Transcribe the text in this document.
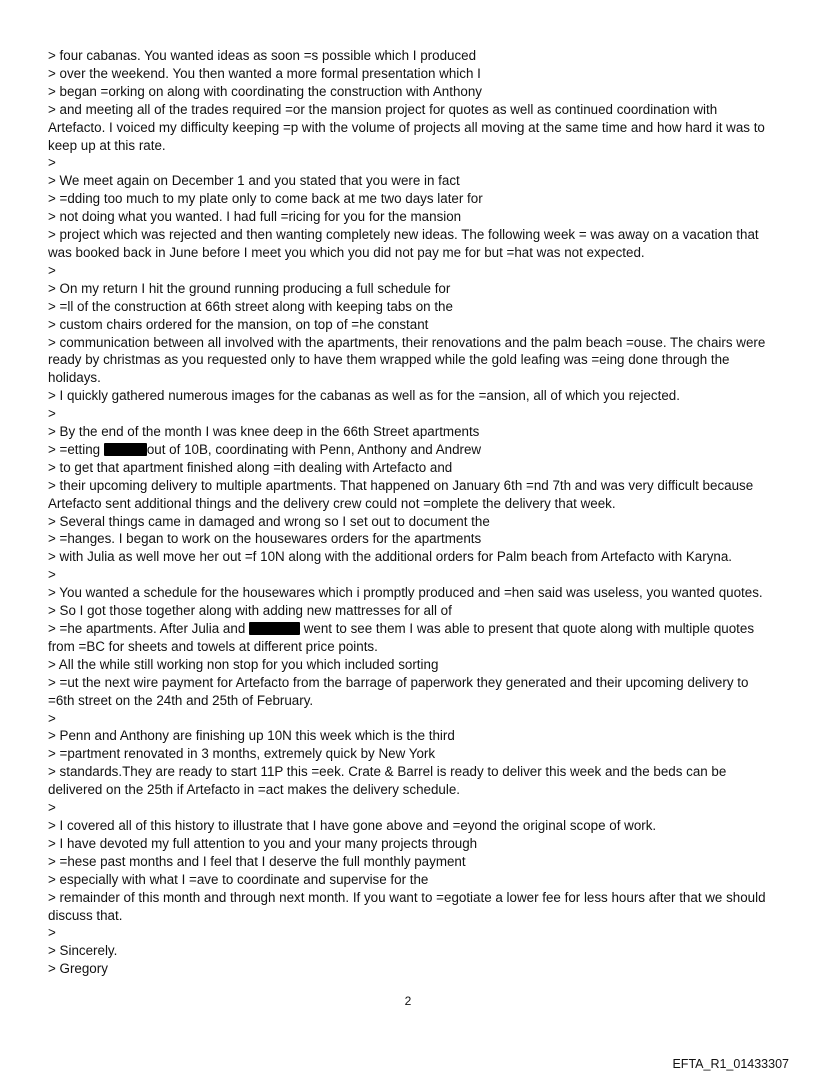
> four cabanas. You wanted ideas as soon =s possible which I produced

> over the weekend. You then wanted a more formal presentation which I

> began =orking on along with coordinating the construction with Anthony

> and meeting all of the trades required =or the mansion project for quotes as well as continued coordination with Artefacto. I voiced my difficulty keeping =p with the volume of projects all moving at the same time and how hard it was to keep up at this rate.

>

> We meet again on December 1 and you stated that you were in fact

> =dding too much to my plate only to come back at me two days later for

> not doing what you wanted. I had full =ricing for you for the mansion

> project which was rejected and then wanting completely new ideas. The following week = was away on a vacation that was booked back in June before I meet you which you did not pay me for but =hat was not expected.

>

> On my return I hit the ground running producing a full schedule for

> =ll of the construction at 66th street along with keeping tabs on the

> custom chairs ordered for the mansion, on top of =he constant

> communication between all involved with the apartments, their renovations and the palm beach =ouse. The chairs were ready by christmas as you requested only to have them wrapped while the gold leafing was =eing done through the holidays.

> I quickly gathered numerous images for the cabanas as well as for the =ansion, all of which you rejected.

>

> By the end of the month I was knee deep in the 66th Street apartments

> =etting	out of 10B, coordinating with Penn, Anthony and Andrew

> to get that apartment finished along =ith dealing with Artefacto and

> their upcoming delivery to multiple apartments. That happened on January 6th =nd 7th and was very difficult because Artefacto sent additional things and the delivery crew could not =omplete the delivery that week.

> Several things came in damaged and wrong so I set out to document the

> =hanges. I began to work on the housewares orders for the apartments

> with Julia as well move her out =f 10N along with the additional orders for Palm beach from Artefacto with Karyna.

>

> You wanted a schedule for the housewares which i promptly produced and =hen said was useless, you wanted quotes.

> So I got those together along with adding new mattresses for all of

> =he apartments. After Julia and	went to see them I was able to present that quote along with multiple quotes from =BC for sheets and towels at different price points.

> All the while still working non stop for you which included sorting

> =ut the next wire payment for Artefacto from the barrage of paperwork they generated and their upcoming delivery to =6th street on the 24th and 25th of February.

>

> Penn and Anthony are finishing up 10N this week which is the third

> =partment renovated in 3 months, extremely quick by New York

> standards.They are ready to start 11P this =eek. Crate & Barrel is ready to deliver this week and the beds can be delivered on the 25th if Artefacto in =act makes the delivery schedule.

>

> I covered all of this history to illustrate that I have gone above and =eyond the original scope of work.

> I have devoted my full attention to you and your many projects through

> =hese past months and I feel that I deserve the full monthly payment

> especially with what I =ave to coordinate and supervise for the

> remainder of this month and through next month. If you want to =egotiate a lower fee for less hours after that we should discuss that.

>

> Sincerely.

> Gregory

2
EFTA_R1_01433307
